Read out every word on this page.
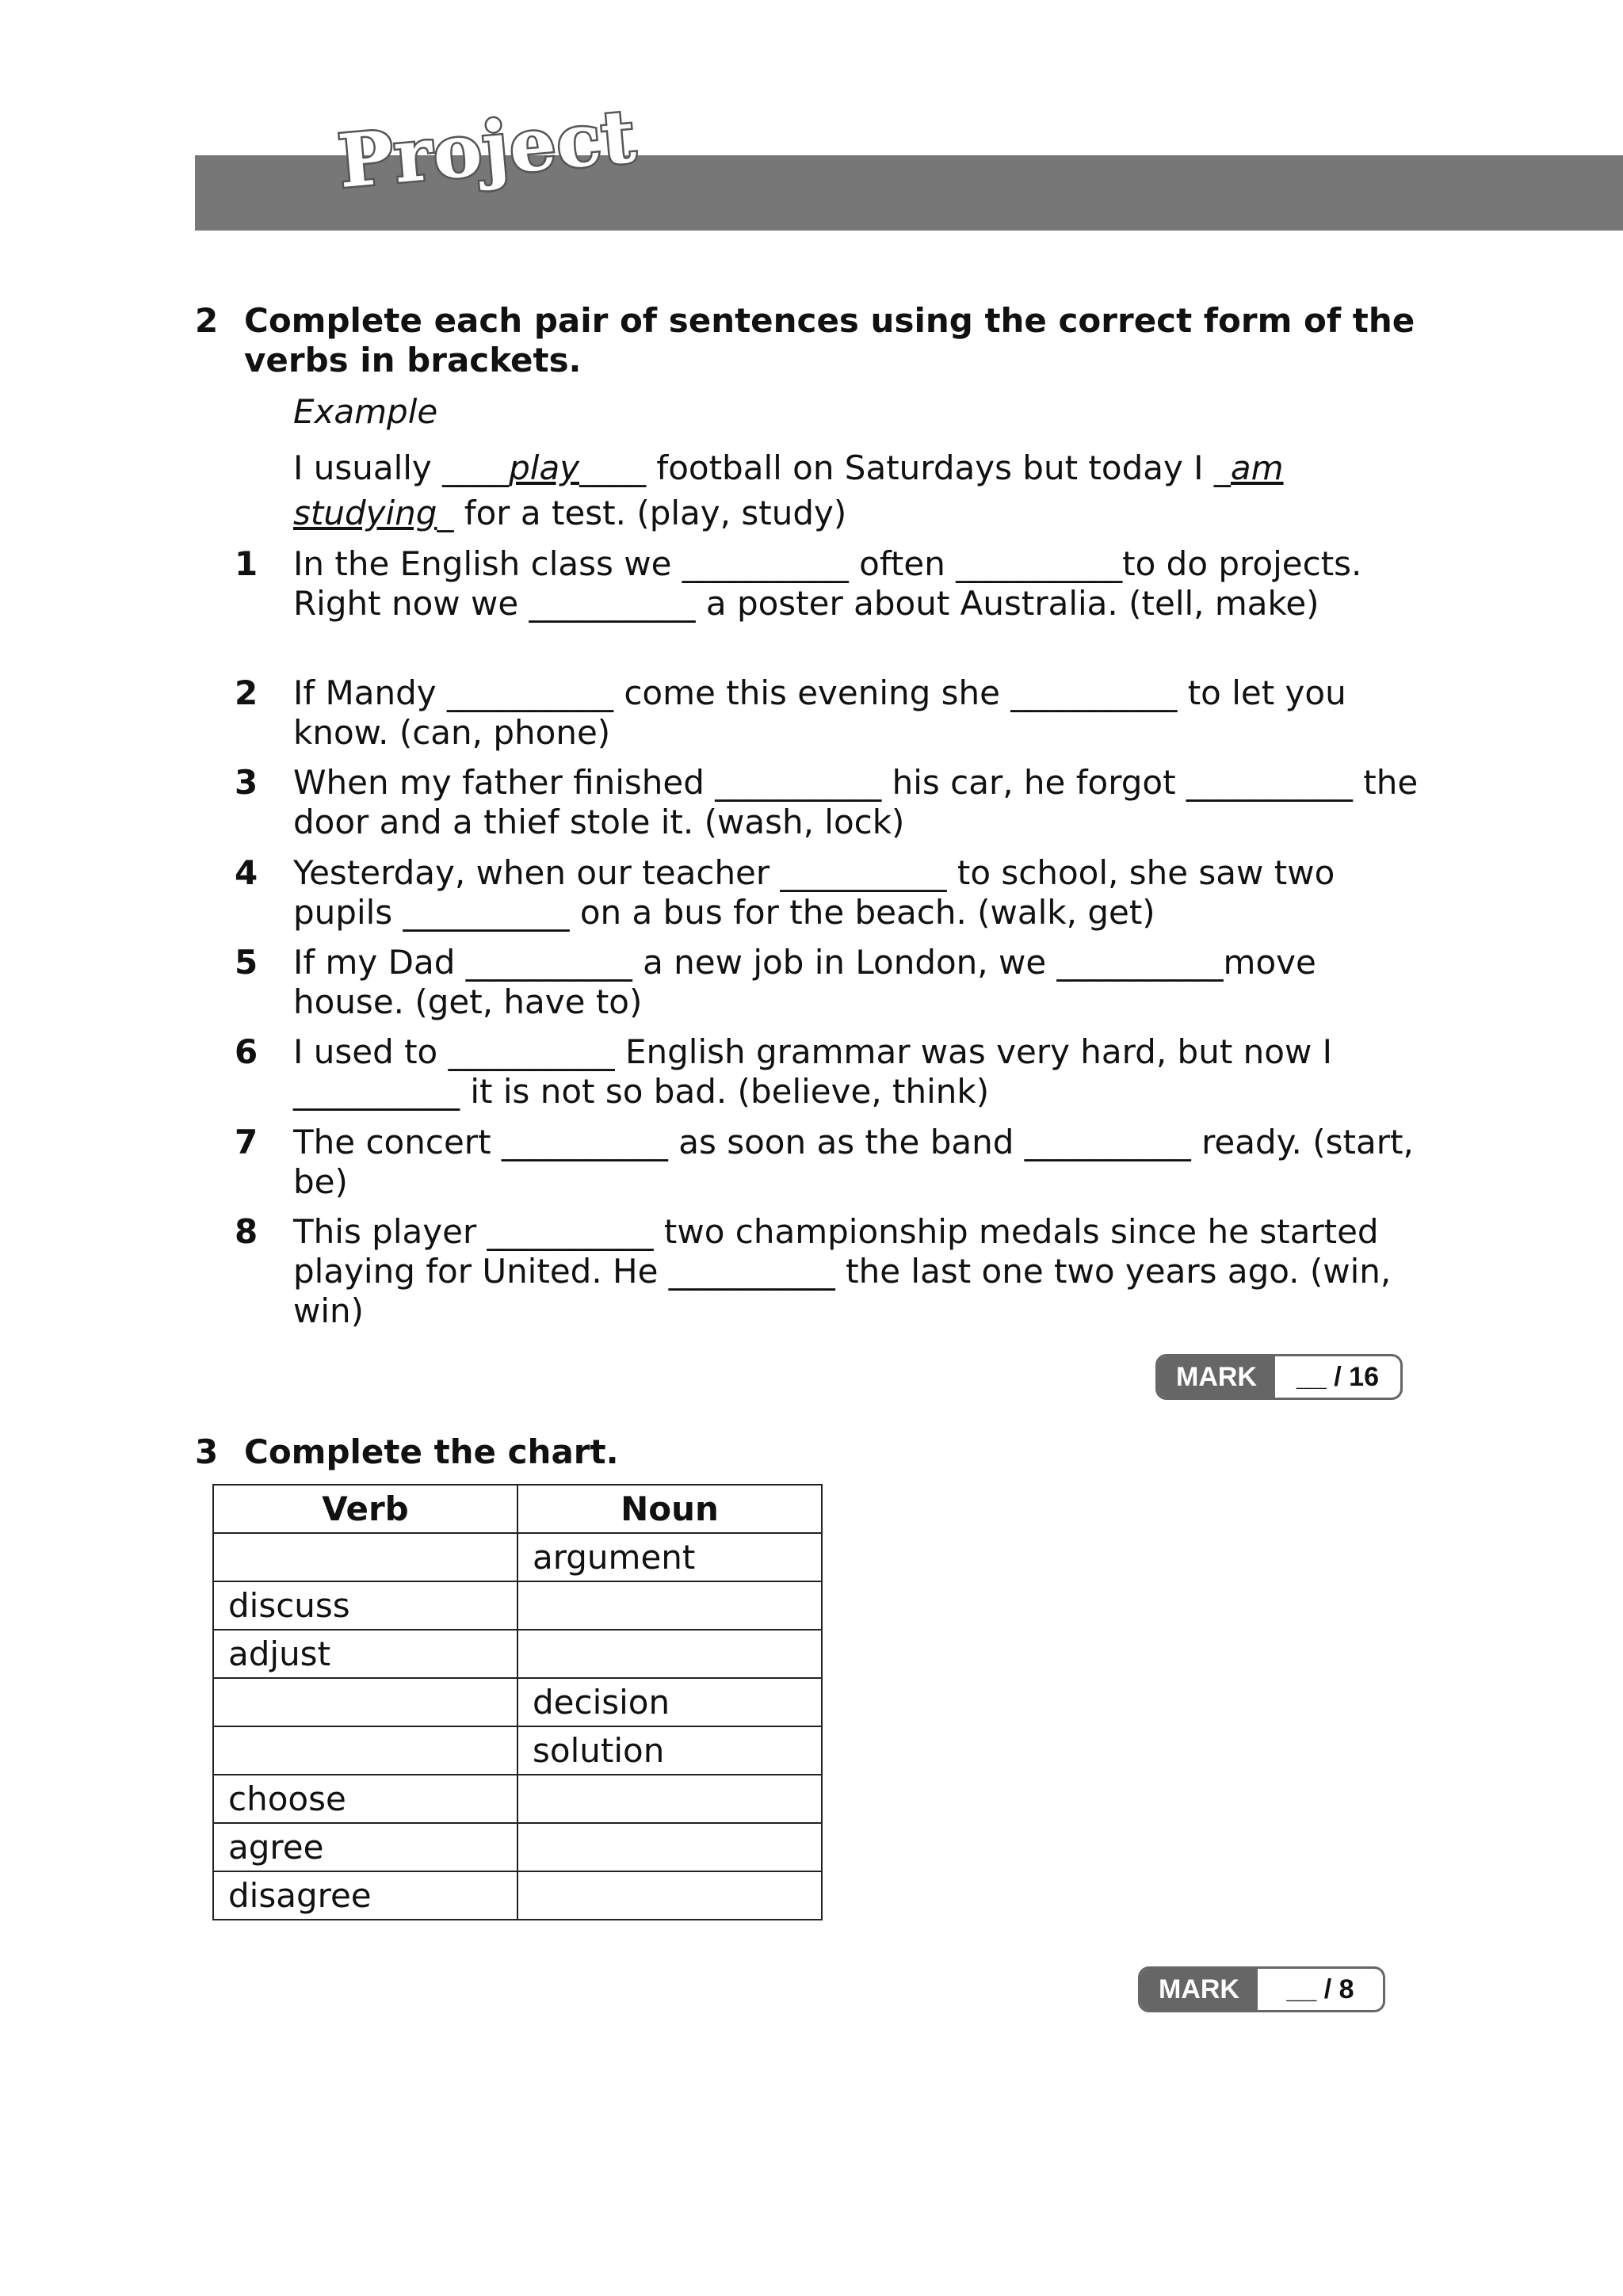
Project
2 Complete each pair of sentences using the correct form of the verbs in brackets.
Example
I usually ____play____ football on Saturdays but today I _am studying_ for a test. (play, study)
1 In the English class we __________ often __________to do projects. Right now we __________ a poster about Australia. (tell, make)
2 If Mandy __________ come this evening she __________ to let you know. (can, phone)
3 When my father finished __________ his car, he forgot __________ the door and a thief stole it. (wash, lock)
4 Yesterday, when our teacher __________ to school, she saw two pupils __________ on a bus for the beach. (walk, get)
5 If my Dad __________ a new job in London, we __________move house. (get, have to)
6 I used to __________ English grammar was very hard, but now I __________ it is not so bad. (believe, think)
7 The concert __________ as soon as the band __________ ready. (start, be)
8 This player __________ two championship medals since he started playing for United. He __________ the last one two years ago. (win, win)
MARK	__ / 16
3 Complete the chart.
Verb	Noun
	argument
discuss	
adjust	
	decision
	solution
choose	
agree	
disagree	
MARK	__ / 8
